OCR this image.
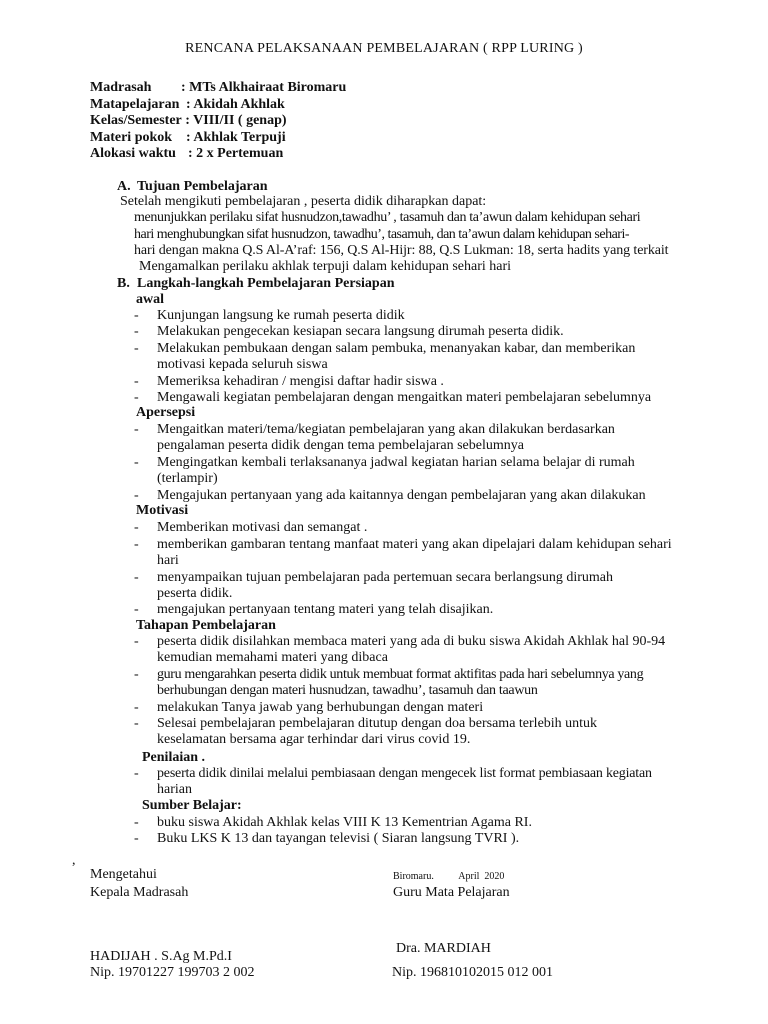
RENCANA PELAKSANAAN PEMBELAJARAN ( RPP LURING )
Madrasah : MTs Alkhairaat Biromaru
Matapelajaran : Akidah Akhlak
Kelas/Semester : VIII/II ( genap)
Materi pokok : Akhlak Terpuji
Alokasi waktu : 2 x Pertemuan
A. Tujuan Pembelajaran
Setelah mengikuti pembelajaran , peserta didik diharapkan dapat:
menunjukkan perilaku sifat husnudzon,tawadhu’ , tasamuh dan ta’awun dalam kehidupan sehari
hari menghubungkan sifat husnudzon, tawadhu’, tasamuh, dan ta’awun dalam kehidupan sehari-
hari dengan makna Q.S Al-A’raf: 156, Q.S Al-Hijr: 88, Q.S Lukman: 18, serta hadits yang terkait
Mengamalkan perilaku akhlak terpuji dalam kehidupan sehari hari
B. Langkah-langkah Pembelajaran Persiapan
awal
-	Kunjungan langsung ke rumah peserta didik
-	Melakukan pengecekan kesiapan secara langsung dirumah peserta didik.
-	Melakukan pembukaan dengan salam pembuka, menanyakan kabar, dan memberikan
motivasi kepada seluruh siswa
-	Memeriksa kehadiran / mengisi daftar hadir siswa .
-	Mengawali kegiatan pembelajaran dengan mengaitkan materi pembelajaran sebelumnya
Apersepsi
-	Mengaitkan materi/tema/kegiatan pembelajaran yang akan dilakukan berdasarkan
pengalaman peserta didik dengan tema pembelajaran sebelumnya
-	Mengingatkan kembali terlaksananya jadwal kegiatan harian selama belajar di rumah
(terlampir)
-	Mengajukan pertanyaan yang ada kaitannya dengan pembelajaran yang akan dilakukan
Motivasi
-	Memberikan motivasi dan semangat .
-	memberikan gambaran tentang manfaat materi yang akan dipelajari dalam kehidupan sehari
hari
-	menyampaikan tujuan pembelajaran pada pertemuan secara berlangsung dirumah
peserta didik.
-	mengajukan pertanyaan tentang materi yang telah disajikan.
Tahapan Pembelajaran
-	peserta didik disilahkan membaca materi yang ada di buku siswa Akidah Akhlak hal 90-94
kemudian memahami materi yang dibaca
-	guru mengarahkan peserta didik untuk membuat format aktifitas pada hari sebelumnya yang
berhubungan dengan materi husnudzan, tawadhu’, tasamuh dan taawun
-	melakukan Tanya jawab yang berhubungan dengan materi
-	Selesai pembelajaran pembelajaran ditutup dengan doa bersama terlebih untuk
keselamatan bersama agar terhindar dari virus covid 19.
Penilaian .
-	peserta didik dinilai melalui pembiasaan dengan mengecek list format pembiasaan kegiatan
harian
Sumber Belajar:
-	buku siswa Akidah Akhlak kelas VIII K 13 Kementrian Agama RI.
-	Buku LKS K 13 dan tayangan televisi ( Siaran langsung TVRI ).
,
Mengetahui
Kepala Madrasah
Biromaru.          April  2020
Guru Mata Pelajaran
HADIJAH . S.Ag M.Pd.I
Nip. 19701227 199703 2 002
Dra. MARDIAH
Nip. 196810102015 012 001
